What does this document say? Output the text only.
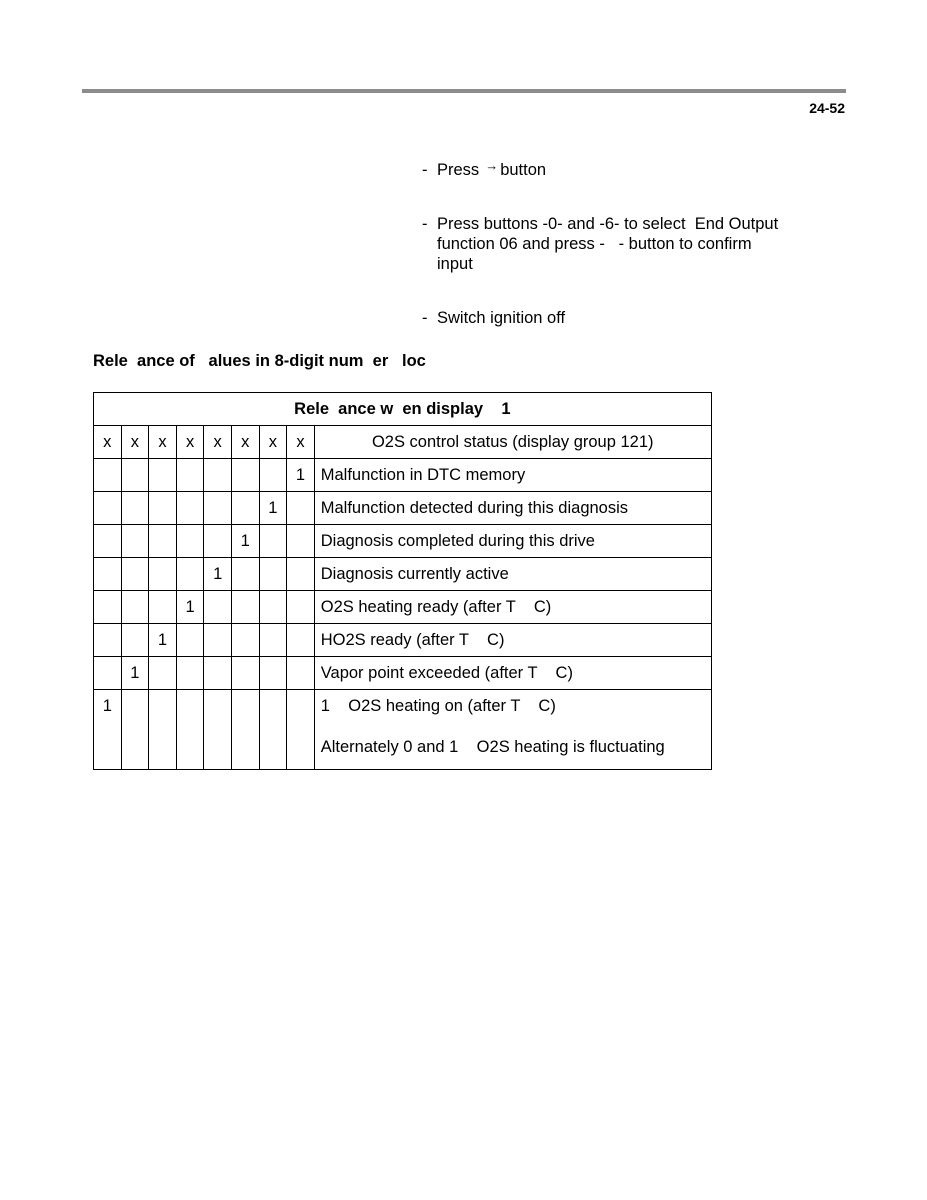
24-52
- Press → button
- Press buttons -0- and -6- to select  End Output
function 06 and press -   - button to confirm
input
- Switch ignition off
Rele  ance of   alues in 8-digit num  er   loc
Rele  ance w  en display    1								
x	x	x	x	x	x	x	x	O2S control status (display group 121)
							1	Malfunction in DTC memory
						1		Malfunction detected during this diagnosis
					1			Diagnosis completed during this drive
				1				Diagnosis currently active
			1					O2S heating ready (after T    C)
		1						HO2S ready (after T    C)
	1							Vapor point exceeded (after T    C)
1								1    O2S heating on (after T    C)
Alternately 0 and 1    O2S heating is fluctuating
